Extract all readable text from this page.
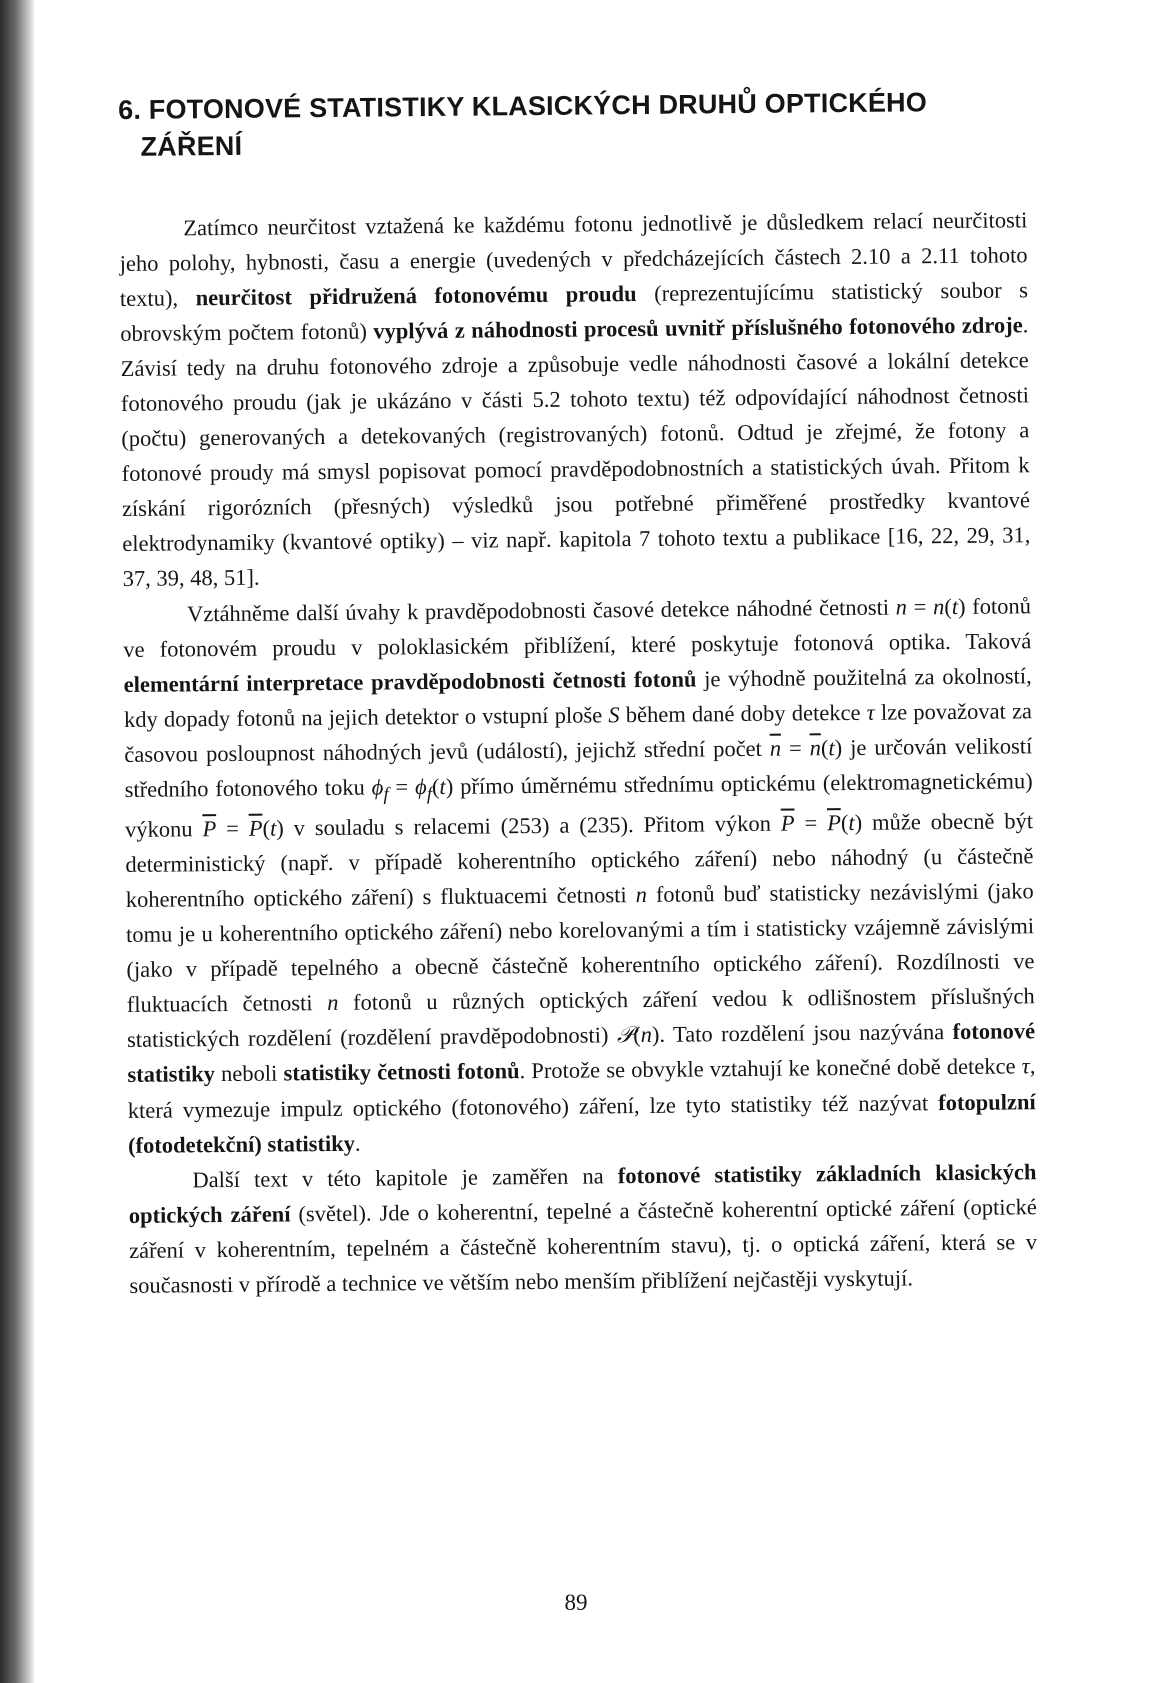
6. FOTONOVÉ STATISTIKY KLASICKÝCH DRUHŮ OPTICKÉHO
ZÁŘENÍ

Zatímco neurčitost vztažená ke každému fotonu jednotlivě je důsledkem relací neurčitosti jeho polohy, hybnosti, času a energie (uvedených v předcházejících částech 2.10 a 2.11 tohoto textu), neurčitost přidružená fotonovému proudu (reprezentujícímu statistický soubor s obrovským počtem fotonů) vyplývá z náhodnosti procesů uvnitř příslušného fotonového zdroje. Závisí tedy na druhu fotonového zdroje a způsobuje vedle náhodnosti časové a lokální detekce fotonového proudu (jak je ukázáno v části 5.2 tohoto textu) též odpovídající náhodnost četnosti (počtu) generovaných a detekovaných (registrovaných) fotonů. Odtud je zřejmé, že fotony a fotonové proudy má smysl popisovat pomocí pravděpodobnostních a statistických úvah. Přitom k získání rigorózních (přesných) výsledků jsou potřebné přiměřené prostředky kvantové elektrodynamiky (kvantové optiky) – viz např. kapitola 7 tohoto textu a publikace [16, 22, 29, 31, 37, 39, 48, 51].

Vztáhněme další úvahy k pravděpodobnosti časové detekce náhodné četnosti n = n(t) fotonů ve fotonovém proudu v poloklasickém přiblížení, které poskytuje fotonová optika. Taková elementární interpretace pravděpodobnosti četnosti fotonů je výhodně použitelná za okolností, kdy dopady fotonů na jejich detektor o vstupní ploše S během dané doby detekce τ lze považovat za časovou posloupnost náhodných jevů (událostí), jejichž střední počet $\overline{n} = \overline{n}(t)$ je určován velikostí středního fotonového toku $\phi_f = \phi_f(t)$ přímo úměrnému střednímu optickému (elektromagnetickému) výkonu $\overline{P} = \overline{P}(t)$ v souladu s relacemi (253) a (235). Přitom výkon $\overline{P} = \overline{P}(t)$ může obecně být deterministický (např. v případě koherentního optického záření) nebo náhodný (u částečně koherentního optického záření) s fluktuacemi četnosti n fotonů buď statisticky nezávislými (jako tomu je u koherentního optického záření) nebo korelovanými a tím i statisticky vzájemně závislými (jako v případě tepelného a obecně částečně koherentního optického záření). Rozdílnosti ve fluktuacích četnosti n fotonů u různých optických záření vedou k odlišnostem příslušných statistických rozdělení (rozdělení pravděpodobnosti) 𝒫(n). Tato rozdělení jsou nazývána fotonové statistiky neboli statistiky četnosti fotonů. Protože se obvykle vztahují ke konečné době detekce τ, která vymezuje impulz optického (fotonového) záření, lze tyto statistiky též nazývat fotopulzní (fotodetekční) statistiky.

Další text v této kapitole je zaměřen na fotonové statistiky základních klasických optických záření (světel). Jde o koherentní, tepelné a částečně koherentní optické záření (optické záření v koherentním, tepelném a částečně koherentním stavu), tj. o optická záření, která se v současnosti v přírodě a technice ve větším nebo menším přiblížení nejčastěji vyskytují.

89
